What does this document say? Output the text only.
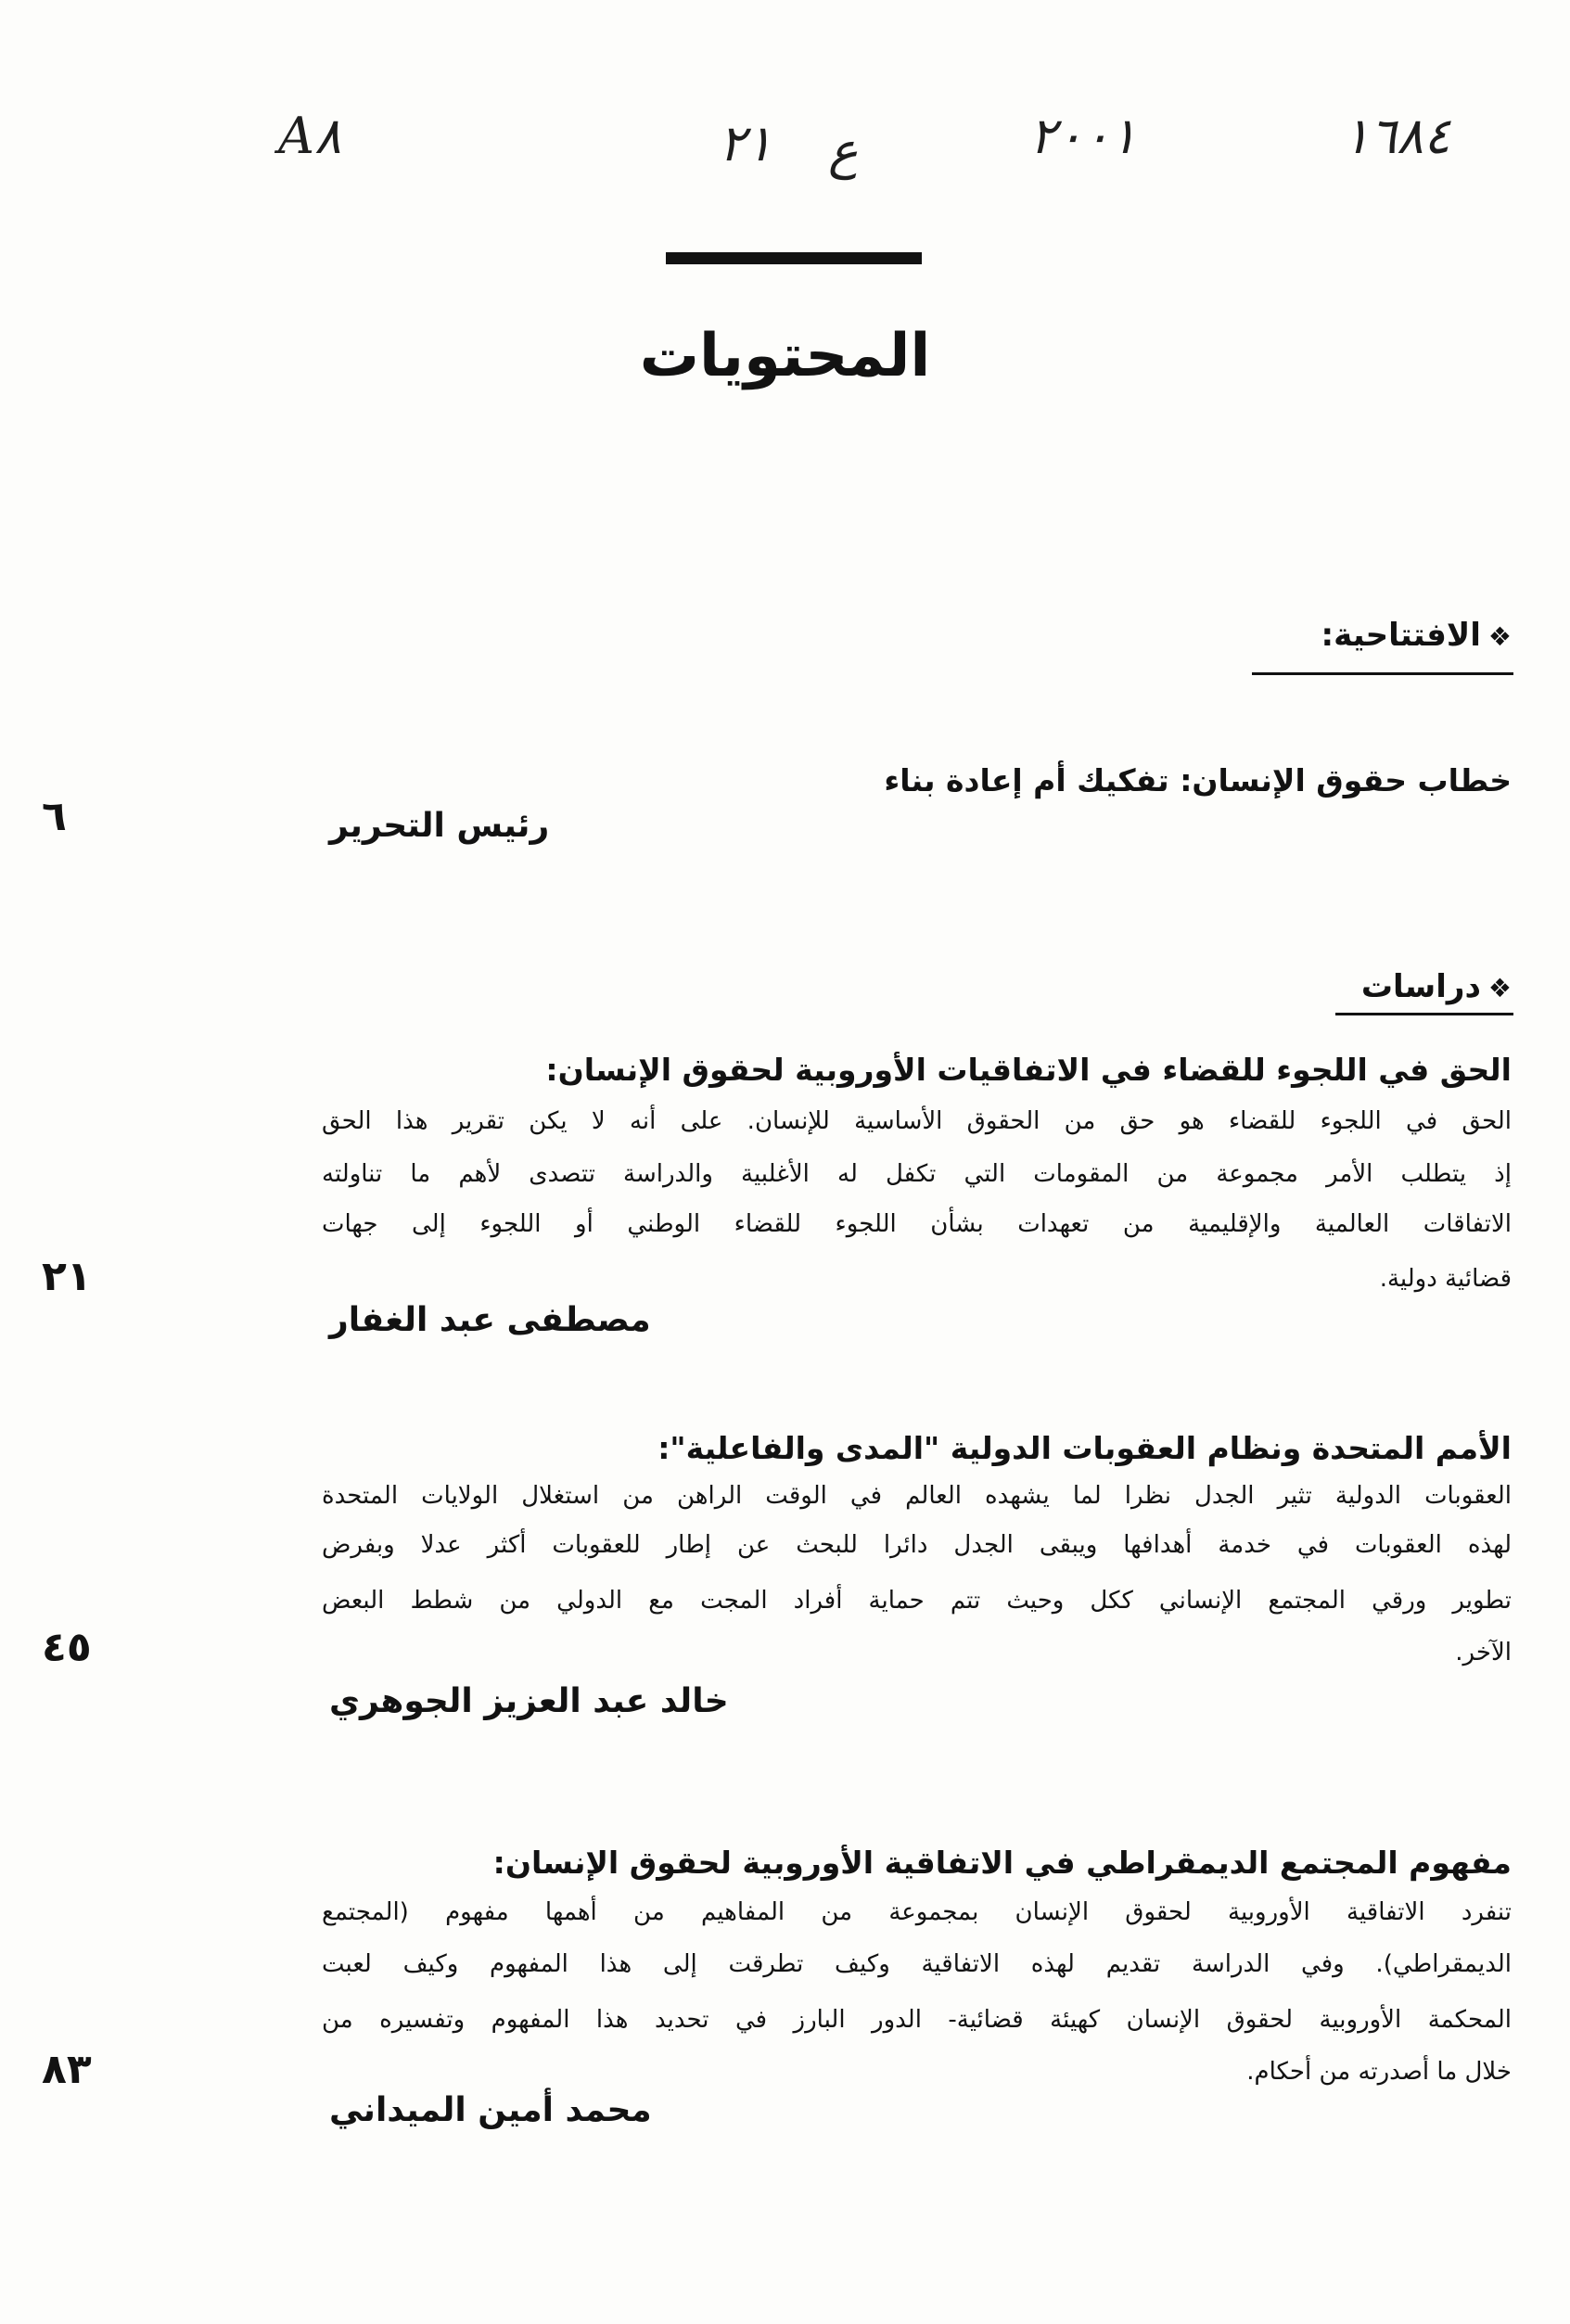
A٨	٢١ ع	٢٠٠١	١٦٨٤
المحتويات
❖الافتتاحية:
خطاب حقوق الإنسان: تفكيك أم إعادة بناء
رئيس التحرير
٦
❖دراسات
الحق في اللجوء للقضاء في الاتفاقيات الأوروبية لحقوق الإنسان:
الحق في اللجوء للقضاء هو حق من الحقوق الأساسية للإنسان. على أنه لا يكن تقرير هذا الحق
إذ يتطلب الأمر مجموعة من المقومات التي تكفل له الأغلبية والدراسة تتصدى لأهم ما تناولته
الاتفاقات العالمية والإقليمية من تعهدات بشأن اللجوء للقضاء الوطني أو اللجوء إلى جهات
قضائية دولية.
مصطفى عبد الغفار
٢١
الأمم المتحدة ونظام العقوبات الدولية "المدى والفاعلية":
العقوبات الدولية تثير الجدل نظرا لما يشهده العالم في الوقت الراهن من استغلال الولايات المتحدة
لهذه العقوبات في خدمة أهدافها ويبقى الجدل دائرا للبحث عن إطار للعقوبات أكثر عدلا وبفرض
تطوير ورقي المجتمع الإنساني ككل وحيث تتم حماية أفراد المجت مع الدولي من شطط البعض
الآخر.
خالد عبد العزيز الجوهري
٤٥
مفهوم المجتمع الديمقراطي في الاتفاقية الأوروبية لحقوق الإنسان:
تنفرد الاتفاقية الأوروبية لحقوق الإنسان بمجموعة من المفاهيم من أهمها مفهوم (المجتمع
الديمقراطي). وفي الدراسة تقديم لهذه الاتفاقية وكيف تطرقت إلى هذا المفهوم وكيف لعبت
المحكمة الأوروبية لحقوق الإنسان كهيئة قضائية- الدور البارز في تحديد هذا المفهوم وتفسيره من
خلال ما أصدرته من أحكام.
محمد أمين الميداني
٨٣
